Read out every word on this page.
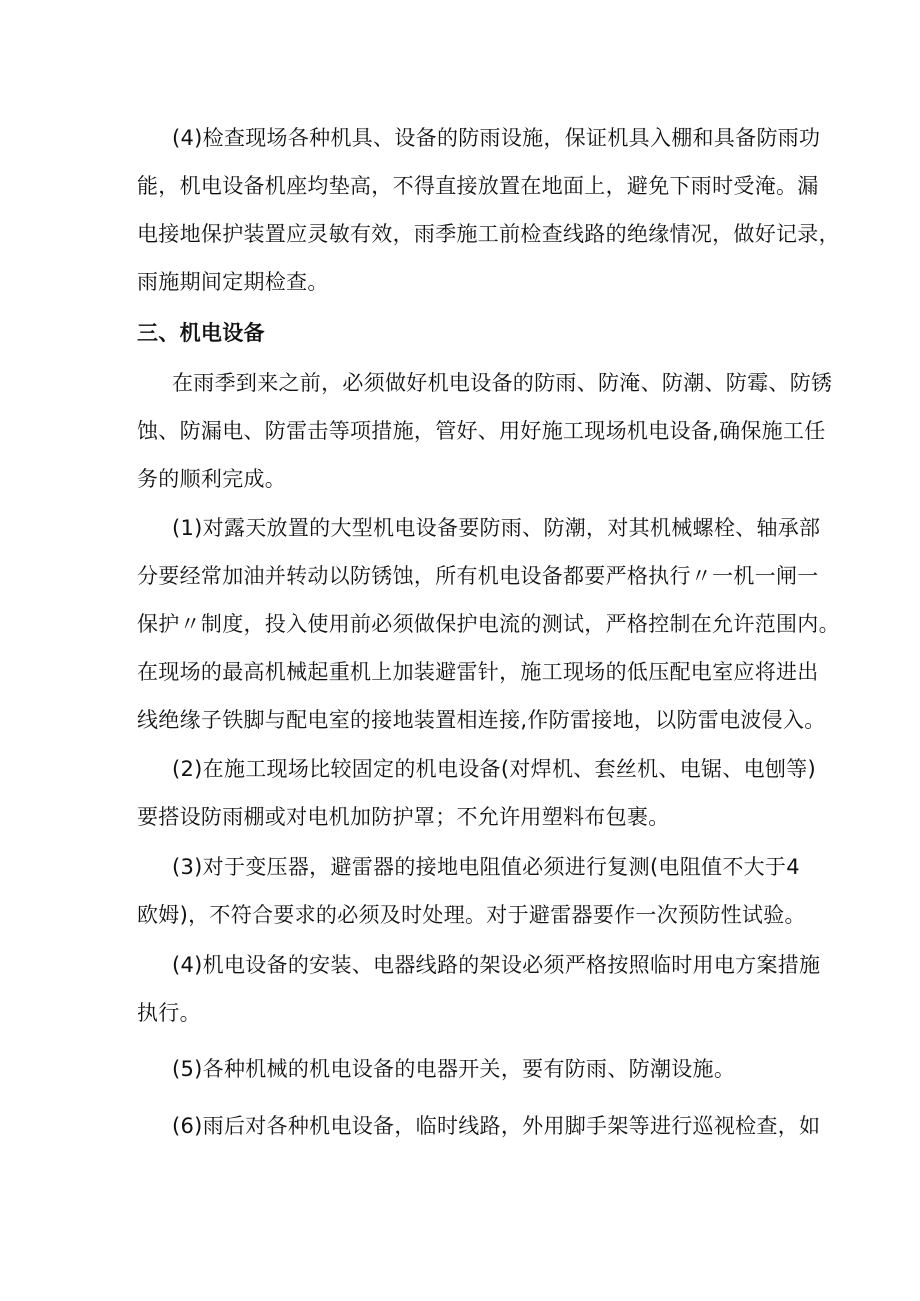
(4)检查现场各种机具、设备的防雨设施，保证机具入棚和具备防雨功
能，机电设备机座均垫高，不得直接放置在地面上，避免下雨时受淹。漏
电接地保护装置应灵敏有效，雨季施工前检查线路的绝缘情况，做好记录，
雨施期间定期检查。
三、机电设备
在雨季到来之前，必须做好机电设备的防雨、防淹、防潮、防霉、防锈
蚀、防漏电、防雷击等项措施，管好、用好施工现场机电设备,确保施工任
务的顺利完成。
(1)对露天放置的大型机电设备要防雨、防潮，对其机械螺栓、轴承部
分要经常加油并转动以防锈蚀，所有机电设备都要严格执行〃一机一闸一
保护〃制度，投入使用前必须做保护电流的测试，严格控制在允许范围内。
在现场的最高机械起重机上加装避雷针，施工现场的低压配电室应将进出
线绝缘子铁脚与配电室的接地装置相连接,作防雷接地，以防雷电波侵入。
(2)在施工现场比较固定的机电设备(对焊机、套丝机、电锯、电刨等)
要搭设防雨棚或对电机加防护罩；不允许用塑料布包裹。
(3)对于变压器，避雷器的接地电阻值必须进行复测(电阻值不大于4
欧姆)，不符合要求的必须及时处理。对于避雷器要作一次预防性试验。
(4)机电设备的安装、电器线路的架设必须严格按照临时用电方案措施
执行。
(5)各种机械的机电设备的电器开关，要有防雨、防潮设施。
(6)雨后对各种机电设备，临时线路，外用脚手架等进行巡视检查，如
